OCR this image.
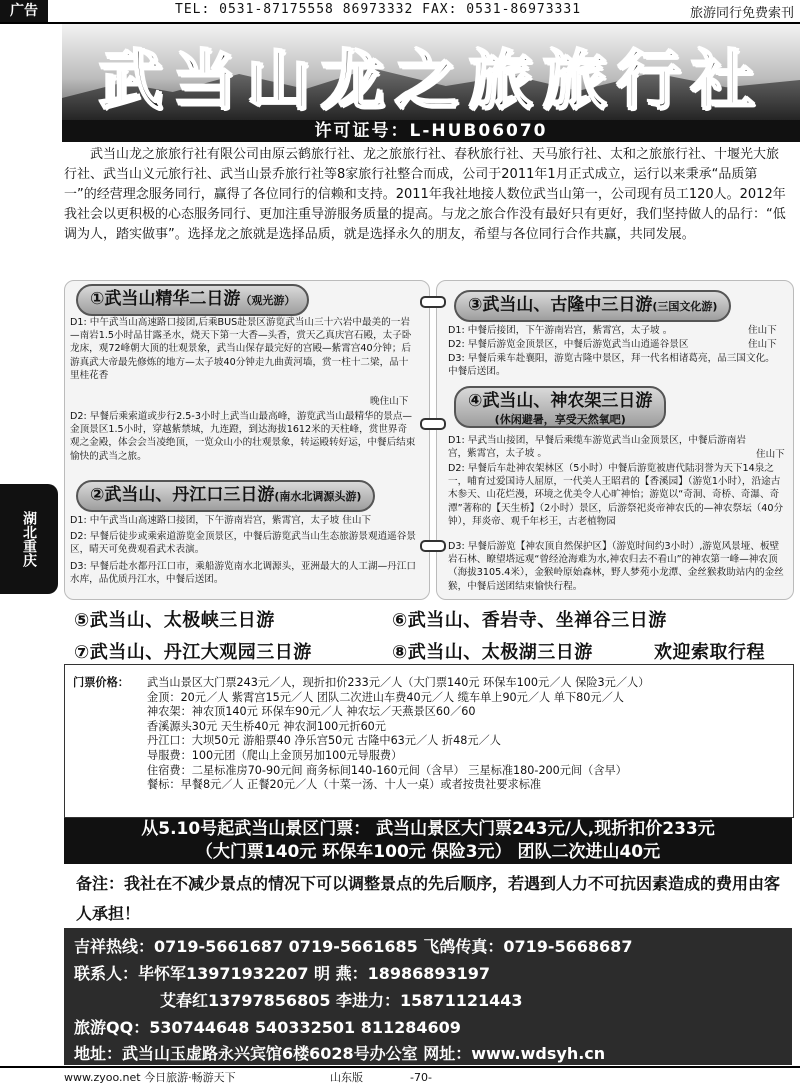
广告	TEL: 0531-87175558 86973332 FAX: 0531-86973331	旅游同行免费索刊
武当山龙之旅旅行社
许可证号：L-HUB06070
武当山龙之旅旅行社有限公司由原云鹤旅行社、龙之旅旅行社、春秋旅行社、天马旅行社、太和之旅旅行社、十堰光大旅行社、武当山义元旅行社、武当山景乔旅行社等8家旅行社整合而成，公司于2011年1月正式成立，运行以来秉承“品质第一”的经营理念服务同行，赢得了各位同行的信赖和支持。2011年我社地接人数位武当山第一，公司现有员工120人。2012年我社会以更积极的心态服务同行、更加注重导游服务质量的提高。与龙之旅合作没有最好只有更好，我们坚持做人的品行：“低调为人，踏实做事”。选择龙之旅就是选择品质，就是选择永久的朋友，希望与各位同行合作共赢，共同发展。
湖北重庆
①武当山精华二日游（观光游）
D1: 中午武当山高速路口接团,后乘BUS赴景区游览武当山三十六岩中最美的一岩—南岩1.5小时品甘露圣水，烧天下第一大香—头香，赏天乙真庆宫石殿，太子卧龙床，观72峰朝大顶的壮观景象，武当山保存最完好的宫殿—紫霄宫40分钟；后游真武大帝最先修炼的地方—太子坡40分钟走九曲黄河墙，赏一柱十二梁，品十里桂花香
晚住山下
D2: 早餐后乘索道或步行2.5-3小时上武当山最高峰，游览武当山最精华的景点—金顶景区1.5小时，穿越紫禁城，九连蹬，到达海拔1612米的天柱峰，赏世界奇观之金殿，体会会当凌绝顶，一览众山小的壮观景象，转运殿转好运，中餐后结束愉快的武当之旅。
②武当山、丹江口三日游(南水北调源头游)
D1: 中午武当山高速路口接团，下午游南岩宫，紫霄宫，太子坡 住山下
D2: 早餐后徒步或乘索道游览金顶景区，中餐后游览武当山生态旅游景观逍遥谷景区，晴天可免费观看武术表演。
D3: 早餐后赴水都丹江口市，乘船游览南水北调源头，亚洲最大的人工湖—丹江口水库，品优质丹江水，中餐后送团。
③武当山、古隆中三日游(三国文化游)
D1: 中餐后接团，下午游南岩宫，紫霄宫，太子坡 。	住山下
D2: 早餐后游览金顶景区，中餐后游览武当山逍遥谷景区	住山下
D3: 早餐后乘车赴襄阳，游览古隆中景区，拜一代名相诸葛亮，品三国文化。中餐后送团。
④武当山、神农架三日游
(休闲避暑，享受天然氧吧)
D1: 早武当山接团，早餐后乘缆车游览武当山金顶景区，中餐后游南岩宫，紫霄宫，太子坡 。	住山下
D2: 早餐后车赴神农架林区（5小时）中餐后游览被唐代陆羽誉为天下14泉之一，哺育过爱国诗人屈原，一代美人王昭君的【香溪园】（游览1小时），沿途古木参天、山花烂漫，环境之优美令人心旷神怡；游览以“奇洞、奇桥、奇瀑、奇潭”著称的【天生桥】（2小时）景区，后游祭祀炎帝神农氏的—神农祭坛（40分钟），拜炎帝、观千年杉王，古老植物园
D3: 早餐后游览【神农顶自然保护区】（游览时间约3小时）,游览风景垭、板壁岩石林、瞭望塔远观“曾经沧海难为水,神农归去不看山”的神农第一峰—神农顶（海拔3105.4米），金猴岭原始森林，野人梦苑小龙潭、金丝猴救助站内的金丝猴，中餐后送团结束愉快行程。
⑤武当山、太极峡三日游	⑥武当山、香岩寺、坐禅谷三日游
⑦武当山、丹江大观园三日游	⑧武当山、太极湖三日游	欢迎索取行程
门票价格： 武当山景区大门票243元／人，现折扣价233元／人（大门票140元 环保车100元／人 保险3元／人）
金顶：20元／人 紫霄宫15元／人 团队二次进山车费40元／人 缆车单上90元／人 单下80元／人
神农架：神农顶140元 环保车90元／人 神农坛／天燕景区60／60
香溪源头30元 天生桥40元 神农洞100元折60元
丹江口：大坝50元 游船票40 净乐宫50元 古隆中63元／人 折48元／人
导服费：100元团（爬山上金顶另加100元导服费）
住宿费：二星标准房70-90元间 商务标间140-160元间（含早） 三星标准180-200元间（含早）
餐标：早餐8元／人 正餐20元／人（十菜一汤、十人一桌）或者按贵社要求标准
从5.10号起武当山景区门票： 武当山景区大门票243元/人,现折扣价233元
（大门票140元 环保车100元 保险3元） 团队二次进山40元
备注：我社在不减少景点的情况下可以调整景点的先后顺序，若遇到人力不可抗因素造成的费用由客人承担！
吉祥热线：0719-5661687 0719-5661685 飞鸽传真：0719-5668687
联系人：毕怀军13971932207 明 燕：18986893197
艾春红13797856805 李进力：15871121443
旅游QQ：530744648 540332501 811284609
地址：武当山玉虚路永兴宾馆6楼6028号办公室 网址：www.wdsyh.cn
www.zyoo.net 今日旅游·畅游天下	山东版	-70-
